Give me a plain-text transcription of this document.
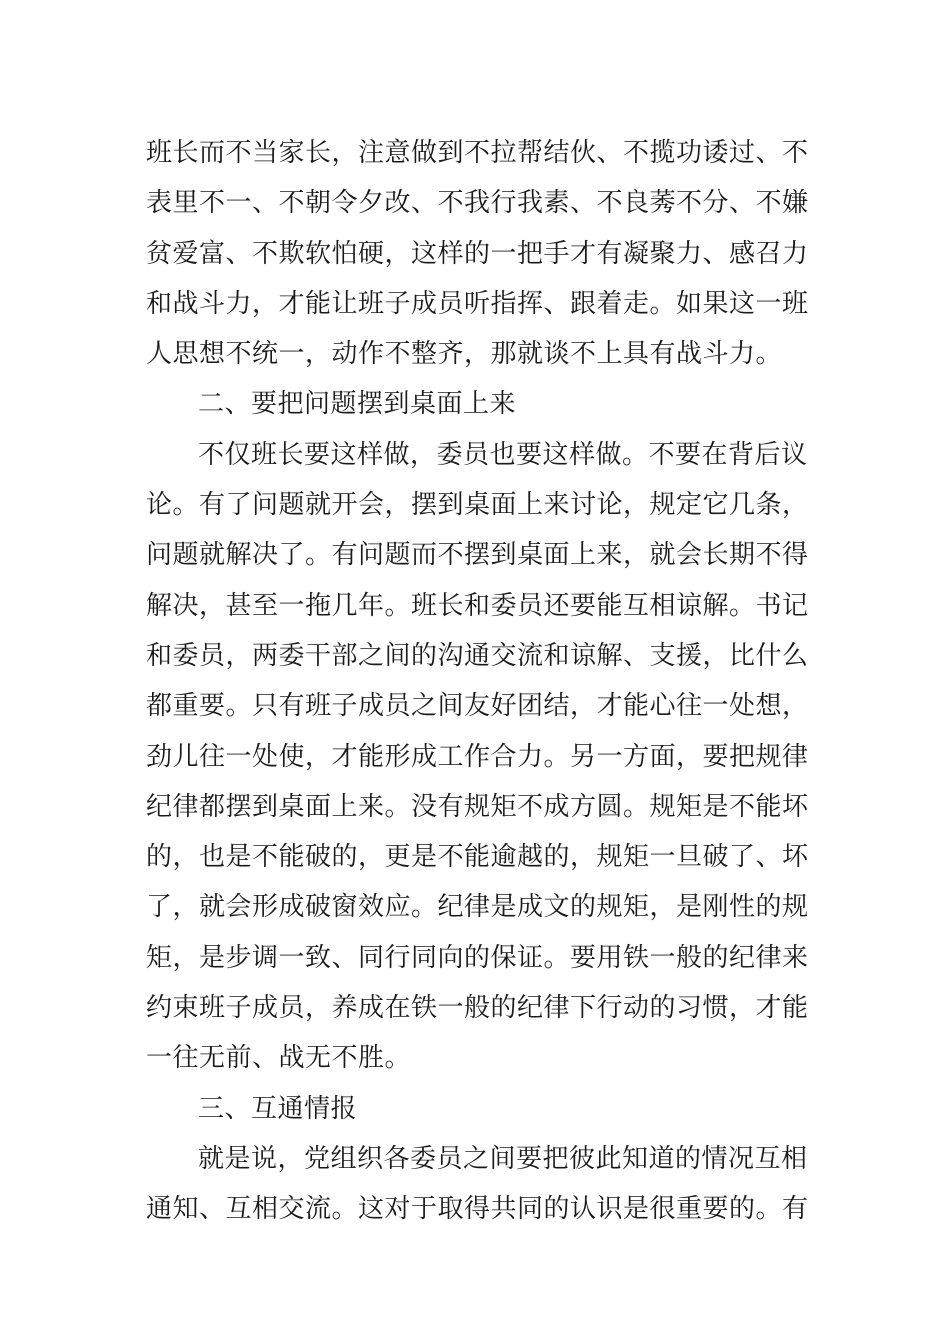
班长而不当家长，注意做到不拉帮结伙、不揽功诿过、不
表里不一、不朝令夕改、不我行我素、不良莠不分、不嫌
贫爱富、不欺软怕硬，这样的一把手才有凝聚力、感召力
和战斗力，才能让班子成员听指挥、跟着走。如果这一班
人思想不统一，动作不整齐，那就谈不上具有战斗力。
二、要把问题摆到桌面上来
不仅班长要这样做，委员也要这样做。不要在背后议
论。有了问题就开会，摆到桌面上来讨论，规定它几条，
问题就解决了。有问题而不摆到桌面上来，就会长期不得
解决，甚至一拖几年。班长和委员还要能互相谅解。书记
和委员，两委干部之间的沟通交流和谅解、支援，比什么
都重要。只有班子成员之间友好团结，才能心往一处想，
劲儿往一处使，才能形成工作合力。另一方面，要把规律
纪律都摆到桌面上来。没有规矩不成方圆。规矩是不能坏
的，也是不能破的，更是不能逾越的，规矩一旦破了、坏
了，就会形成破窗效应。纪律是成文的规矩，是刚性的规
矩，是步调一致、同行同向的保证。要用铁一般的纪律来
约束班子成员，养成在铁一般的纪律下行动的习惯，才能
一往无前、战无不胜。
三、互通情报
就是说，党组织各委员之间要把彼此知道的情况互相
通知、互相交流。这对于取得共同的认识是很重要的。有
